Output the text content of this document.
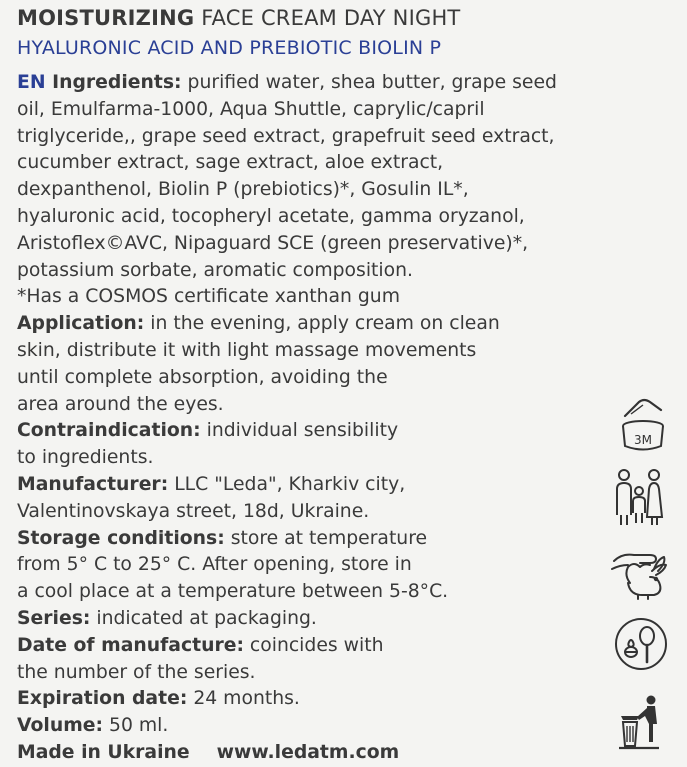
MOISTURIZING FACE CREAM DAY NIGHT
HYALURONIC ACID AND PREBIOTIC BIOLIN P
EN Ingredients: purified water, shea butter, grape seed
oil, Emulfarma-1000, Aqua Shuttle, caprylic/capril
triglyceride,, grape seed extract, grapefruit seed extract,
cucumber extract, sage extract, aloe extract,
dexpanthenol, Biolin P (prebiotics)*, Gosulin IL*,
hyaluronic acid, tocopheryl acetate, gamma oryzanol,
Aristoflex©AVC, Nipaguard SCE (green preservative)*,
potassium sorbate, aromatic composition.
*Has a COSMOS certificate xanthan gum
Application: in the evening, apply cream on clean
skin, distribute it with light massage movements
until complete absorption, avoiding the
area around the eyes.
Contraindication: individual sensibility
to ingredients.
Manufacturer: LLC "Leda", Kharkiv city,
Valentinovskaya street, 18d, Ukraine.
Storage conditions: store at temperature
from 5° C to 25° C. After opening, store in
a cool place at a temperature between 5-8°C.
Series: indicated at packaging.
Date of manufacture: coincides with
the number of the series.
Expiration date: 24 months.
Volume: 50 ml.
Made in Ukraine www.ledatm.com
3M
